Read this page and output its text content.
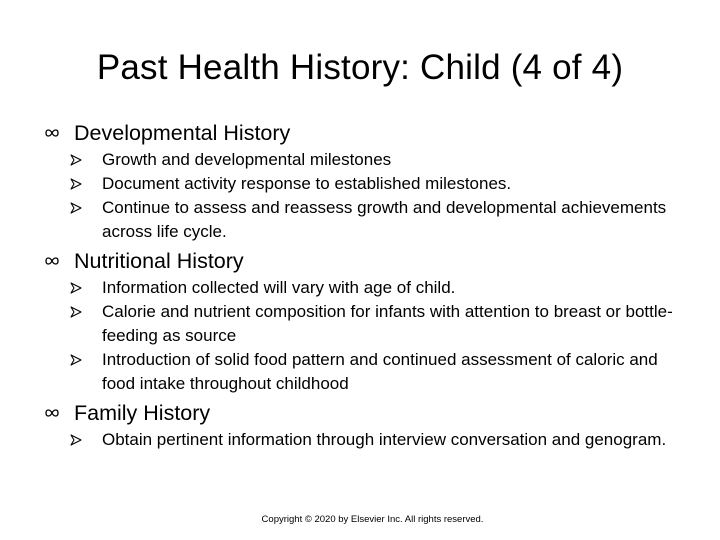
Past Health History: Child (4 of 4)
Developmental History
Growth and developmental milestones
Document activity response to established milestones.
Continue to assess and reassess growth and developmental achievements across life cycle.
Nutritional History
Information collected will vary with age of child.
Calorie and nutrient composition for infants with attention to breast or bottle-feeding as source
Introduction of solid food pattern and continued assessment of caloric and food intake throughout childhood
Family History
Obtain pertinent information through interview conversation and genogram.
Copyright © 2020 by Elsevier Inc. All rights reserved.
